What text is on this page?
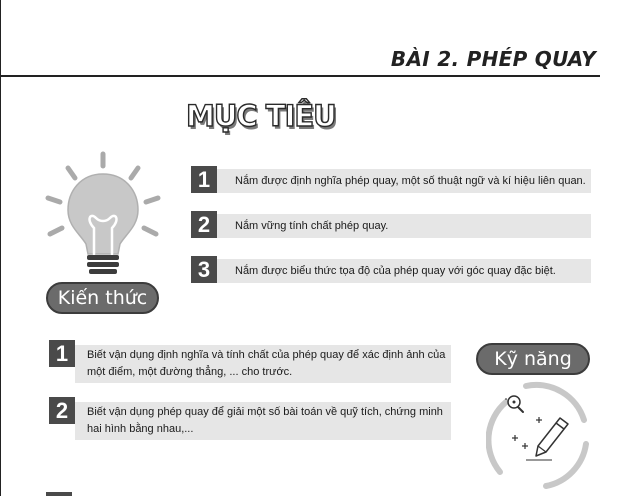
BÀI 2. PHÉP QUAY
MỤC TIÊU
Kiến thức
1	Nắm được định nghĩa phép quay, một số thuật ngữ và kí hiệu liên quan.
2	Nắm vững tính chất phép quay.
3	Nắm được biểu thức tọa độ của phép quay với góc quay đặc biệt.
1	Biết vận dụng định nghĩa và tính chất của phép quay để xác định ảnh của một điểm, một đường thẳng, ... cho trước.
2	Biết vận dụng phép quay để giải một số bài toán về quỹ tích, chứng minh hai hình bằng nhau,...
Kỹ năng
